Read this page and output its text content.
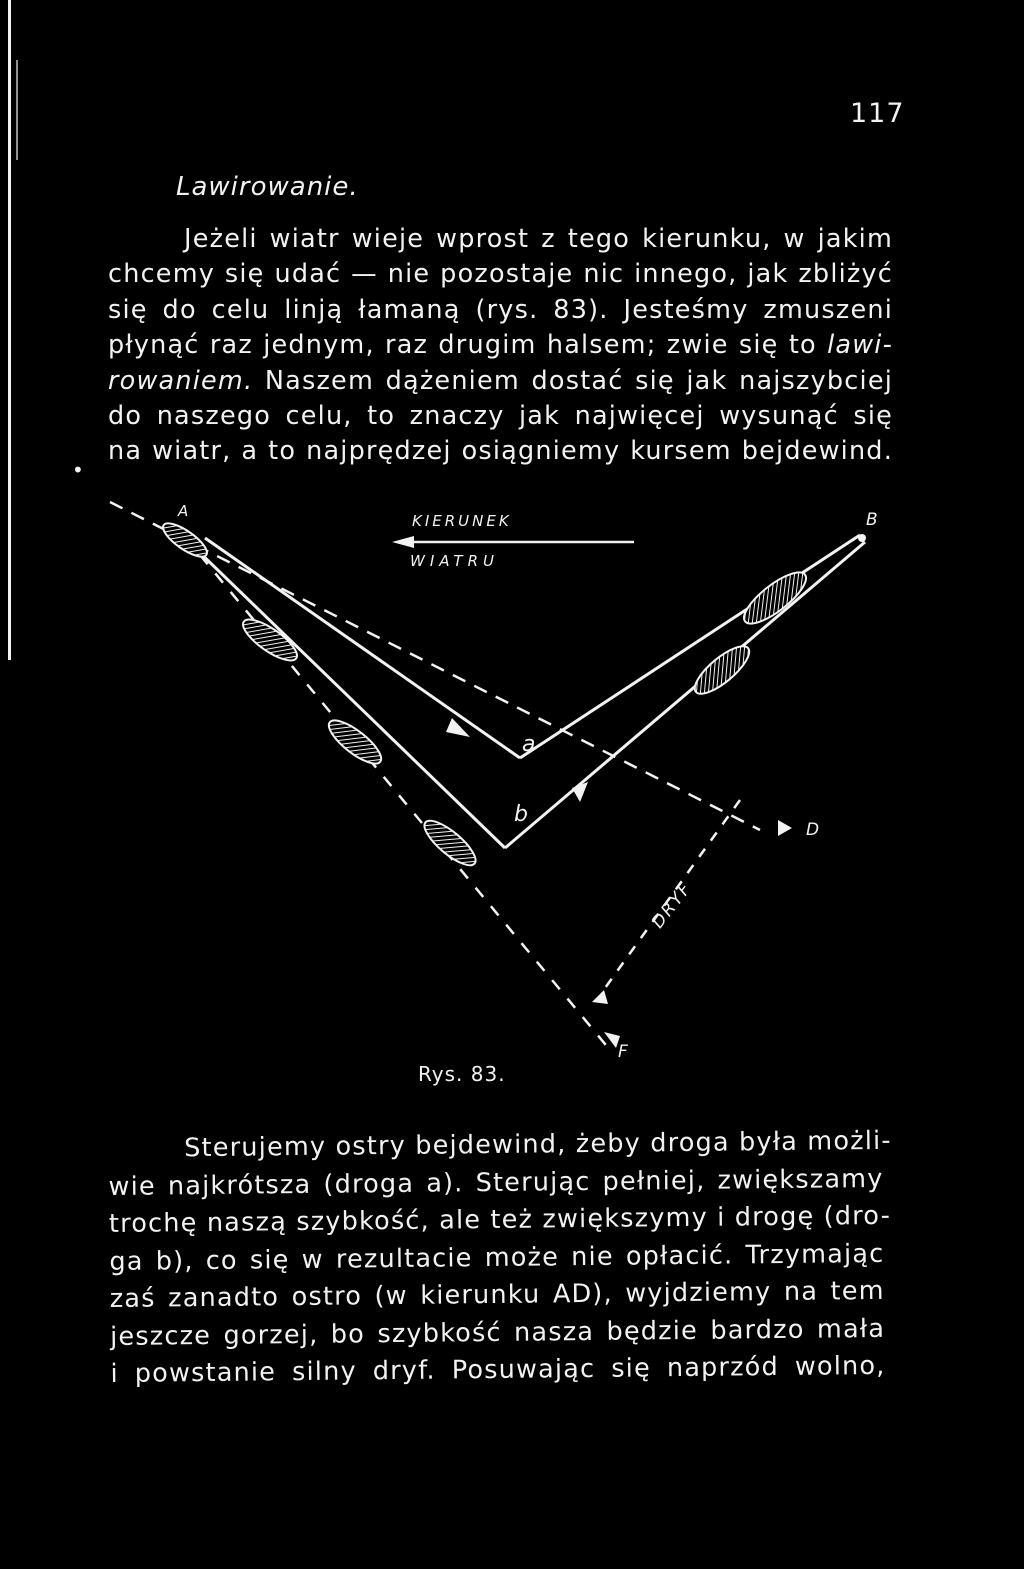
117
Lawirowanie.
Jeżeli wiatr wieje wprost z tego kierunku, w jakim
chcemy się udać — nie pozostaje nic innego, jak zbliżyć
się do celu linją łamaną (rys. 83). Jesteśmy zmuszeni
płynąć raz jednym, raz drugim halsem; zwie się to lawi-
rowaniem. Naszem dążeniem dostać się jak najszybciej
do naszego celu, to znaczy jak najwięcej wysunąć się
na wiatr, a to najprędzej osiągniemy kursem bejdewind.
•
A	B
D
F
a
b
KIERUNEK
WIATRU
DRYF
Rys. 83.
Sterujemy ostry bejdewind, żeby droga była możli-
wie najkrótsza (droga a). Sterując pełniej, zwiększamy
trochę naszą szybkość, ale też zwiększymy i drogę (dro-
ga b), co się w rezultacie może nie opłacić. Trzymając
zaś zanadto ostro (w kierunku AD), wyjdziemy na tem
jeszcze gorzej, bo szybkość nasza będzie bardzo mała
i powstanie silny dryf. Posuwając się naprzód wolno,
